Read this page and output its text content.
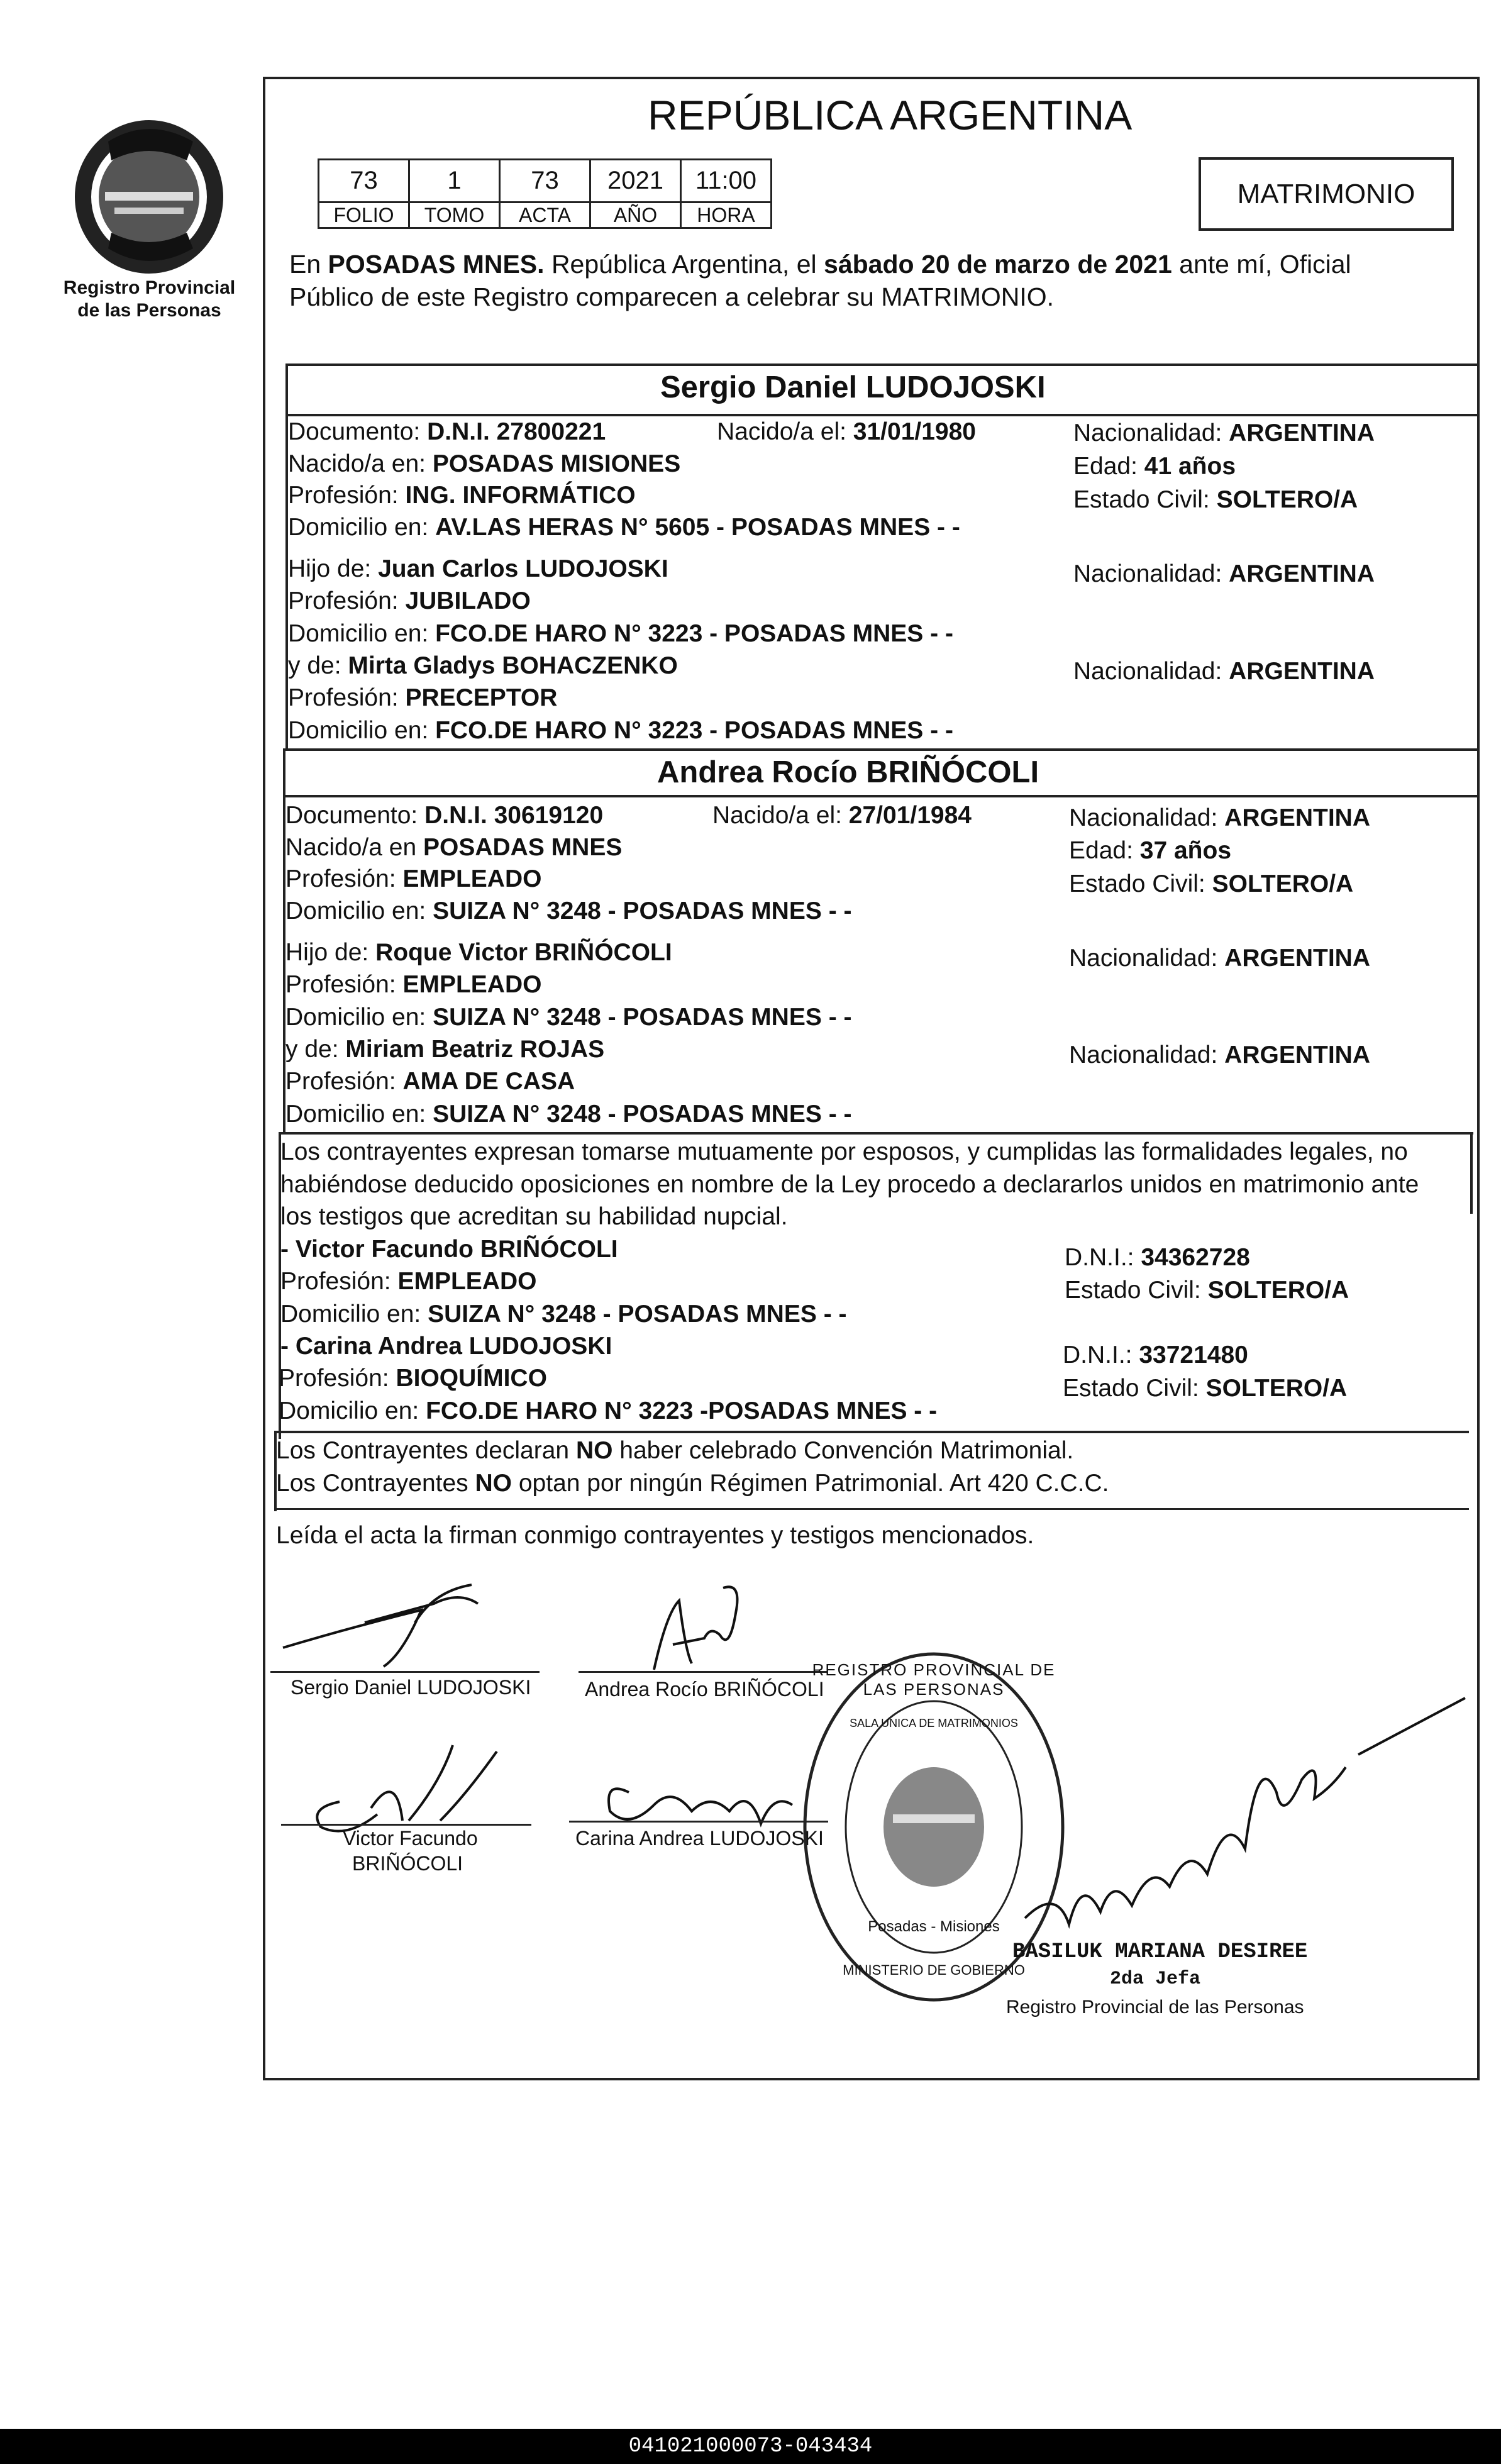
Registro Provincial
de las Personas
REPÚBLICA ARGENTINA
73	1	73	2021	11:00
FOLIO	TOMO	ACTA	AÑO	HORA
MATRIMONIO
En POSADAS MNES. República Argentina, el sábado 20 de marzo de 2021 ante mí, Oficial
Público de este Registro comparecen a celebrar su MATRIMONIO.
Sergio Daniel LUDOJOSKI
Documento: D.N.I. 27800221	Nacido/a el: 31/01/1980	Nacionalidad: ARGENTINA
Nacido/a en: POSADAS MISIONES	Edad: 41 años
Profesión: ING. INFORMÁTICO	Estado Civil: SOLTERO/A
Domicilio en: AV.LAS HERAS N° 5605 - POSADAS MNES - -
Hijo de: Juan Carlos LUDOJOSKI	Nacionalidad: ARGENTINA
Profesión: JUBILADO
Domicilio en: FCO.DE HARO N° 3223 - POSADAS MNES - -
y de: Mirta Gladys BOHACZENKO	Nacionalidad: ARGENTINA
Profesión: PRECEPTOR
Domicilio en: FCO.DE HARO N° 3223 - POSADAS MNES - -
Andrea Rocío BRIÑÓCOLI
Documento: D.N.I. 30619120	Nacido/a el: 27/01/1984	Nacionalidad: ARGENTINA
Nacido/a en POSADAS MNES	Edad: 37 años
Profesión: EMPLEADO	Estado Civil: SOLTERO/A
Domicilio en: SUIZA N° 3248 - POSADAS MNES - -
Hijo de: Roque Victor BRIÑÓCOLI	Nacionalidad: ARGENTINA
Profesión: EMPLEADO
Domicilio en: SUIZA N° 3248 - POSADAS MNES - -
y de: Miriam Beatriz ROJAS	Nacionalidad: ARGENTINA
Profesión: AMA DE CASA
Domicilio en: SUIZA N° 3248 - POSADAS MNES - -
Los contrayentes expresan tomarse mutuamente por esposos, y cumplidas las formalidades legales, no
habiéndose deducido oposiciones en nombre de la Ley procedo a declararlos unidos en matrimonio ante
los testigos que acreditan su habilidad nupcial.
- Victor Facundo BRIÑÓCOLI	D.N.I.: 34362728
Profesión: EMPLEADO	Estado Civil: SOLTERO/A
Domicilio en: SUIZA N° 3248 - POSADAS MNES - -
- Carina Andrea LUDOJOSKI	D.N.I.: 33721480
Profesión: BIOQUÍMICO	Estado Civil: SOLTERO/A
Domicilio en: FCO.DE HARO N° 3223 -POSADAS MNES - -
Los Contrayentes declaran NO haber celebrado Convención Matrimonial.
Los Contrayentes NO optan por ningún Régimen Patrimonial. Art 420 C.C.C.
Leída el acta la firman conmigo contrayentes y testigos mencionados.
Sergio Daniel LUDOJOSKI	Andrea Rocío BRIÑÓCOLI
Victor Facundo
BRIÑÓCOLI
Carina Andrea LUDOJOSKI
REGISTRO PROVINCIAL DE LAS PERSONAS
SALA UNICA DE MATRIMONIOS
Posadas - Misiones
MINISTERIO DE GOBIERNO
BASILUK MARIANA DESIREE
2da Jefa
Registro Provincial de las Personas
041021000073-043434
